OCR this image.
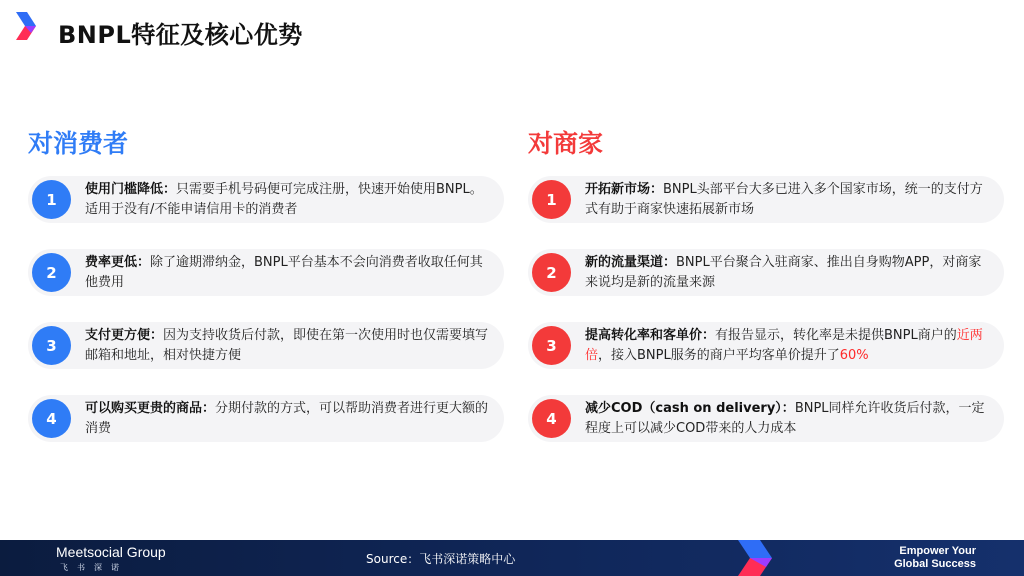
BNPL特征及核心优势
对消费者
1
使用门槛降低：只需要手机号码便可完成注册，快速开始使用BNPL。适用于没有/不能申请信用卡的消费者
2
费率更低：除了逾期滞纳金，BNPL平台基本不会向消费者收取任何其他费用
3
支付更方便：因为支持收货后付款，即使在第一次使用时也仅需要填写邮箱和地址，相对快捷方便
4
可以购买更贵的商品：分期付款的方式，可以帮助消费者进行更大额的消费
对商家
1
开拓新市场：BNPL头部平台大多已进入多个国家市场，统一的支付方式有助于商家快速拓展新市场
2
新的流量渠道：BNPL平台聚合入驻商家、推出自身购物APP，对商家来说均是新的流量来源
3
提高转化率和客单价：有报告显示，转化率是未提供BNPL商户的近两倍，接入BNPL服务的商户平均客单价提升了60%
4
减少COD（cash on delivery）：BNPL同样允许收货后付款，一定程度上可以减少COD带来的人力成本
Meetsocial Group
飞书深诺
Source：飞书深诺策略中心
Empower Your
Global Success
